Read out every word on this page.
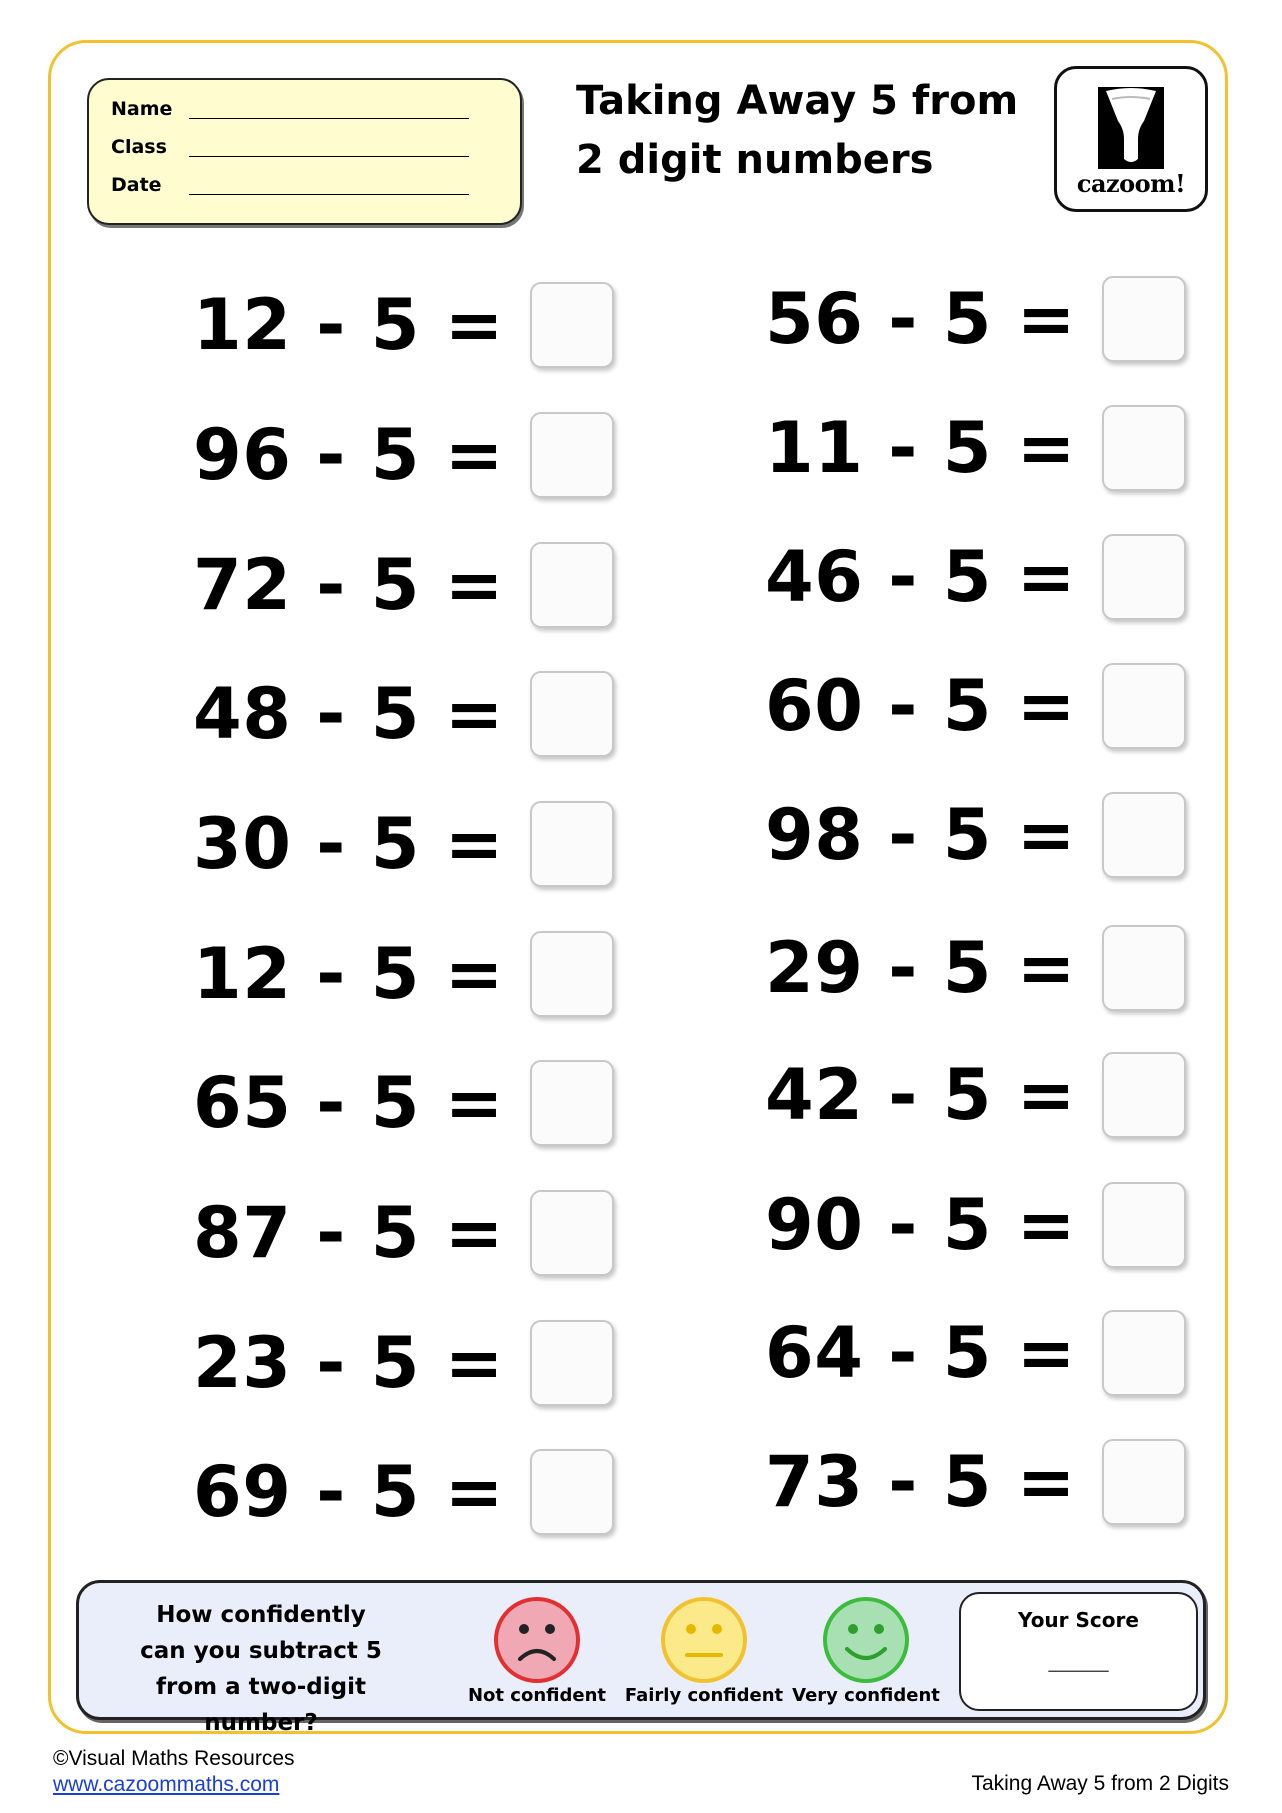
Name
Class
Date
Taking Away 5 from
2 digit numbers
cazoom!
12 - 5 =
96 - 5 =
72 - 5 =
48 - 5 =
30 - 5 =
12 - 5 =
65 - 5 =
87 - 5 =
23 - 5 =
69 - 5 =
56 - 5 =
11 - 5 =
46 - 5 =
60 - 5 =
98 - 5 =
29 - 5 =
42 - 5 =
90 - 5 =
64 - 5 =
73 - 5 =
How confidently can you subtract 5 from a two-digit number?
Not confident	Fairly confident Very confident
Your Score
______
©Visual Maths Resources
www.cazoommaths.com	Taking Away 5 from 2 Digits
